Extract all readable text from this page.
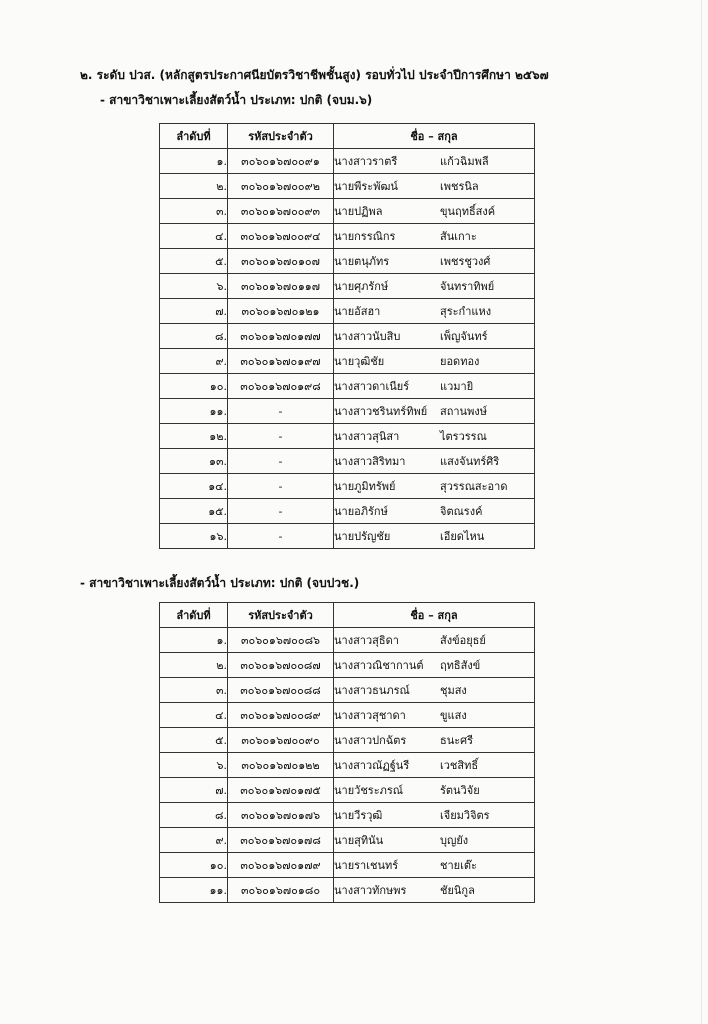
๒. ระดับ ปวส. (หลักสูตรประกาศนียบัตรวิชาชีพชั้นสูง) รอบทั่วไป ประจำปีการศึกษา ๒๕๖๗
- สาขาวิชาเพาะเลี้ยงสัตว์น้ำ ประเภท: ปกติ (จบม.๖)
ลำดับที่	รหัสประจำตัว	ชื่อ – สกุล
๑.	๓๐๖๐๑๖๗๐๐๙๑	นางสาวราตรี แก้วฉิมพลี
๒.	๓๐๖๐๑๖๗๐๐๙๒	นายพีระพัฒน์ เพชรนิล
๓.	๓๐๖๐๑๖๗๐๐๙๓	นายปฏิพล ขุนฤทธิ์สงค์
๔.	๓๐๖๐๑๖๗๐๐๙๔	นายกรรณิกร สันเกาะ
๕.	๓๐๖๐๑๖๗๐๑๐๗	นายตนุภัทร เพชรชูวงศ์
๖.	๓๐๖๐๑๖๗๐๑๑๗	นายศุภรักษ์ จันทราทิพย์
๗.	๓๐๖๐๑๖๗๐๑๒๑	นายอัสฮา สุระกำแหง
๘.	๓๐๖๐๑๖๗๐๑๗๗	นางสาวนับสิบ เพ็ญจันทร์
๙.	๓๐๖๐๑๖๗๐๑๙๗	นายวุฒิชัย ยอดทอง
๑๐.	๓๐๖๐๑๖๗๐๑๙๘	นางสาวดาเนียร์ แวมายิ
๑๑.	-	นางสาวชรินทร์ทิพย์ สถานพงษ์
๑๒.	-	นางสาวสุนิสา ไตรวรรณ
๑๓.	-	นางสาวสิริทมา แสงจันทร์ศิริ
๑๔.	-	นายภูมิทรัพย์ สุวรรณสะอาด
๑๕.	-	นายอภิรักษ์ จิตณรงค์
๑๖.	-	นายปรัญชัย เอียดไหน
- สาขาวิชาเพาะเลี้ยงสัตว์น้ำ ประเภท: ปกติ (จบปวช.)
ลำดับที่	รหัสประจำตัว	ชื่อ – สกุล
๑.	๓๐๖๐๑๖๗๐๐๘๖	นางสาวสุธิดา สังข์อยุธย์
๒.	๓๐๖๐๑๖๗๐๐๘๗	นางสาวณิชากานต์ ฤทธิสังข์
๓.	๓๐๖๐๑๖๗๐๐๘๘	นางสาวธนภรณ์ ชุมสง
๔.	๓๐๖๐๑๖๗๐๐๘๙	นางสาวสุชาดา ขูแสง
๕.	๓๐๖๐๑๖๗๐๐๙๐	นางสาวปกฉัตร ธนะศรี
๖.	๓๐๖๐๑๖๗๐๑๒๒	นางสาวณัฏฐ์นรี เวชสิทธิ์
๗.	๓๐๖๐๑๖๗๐๑๗๕	นายวัชระภรณ์ รัตนวิจัย
๘.	๓๐๖๐๑๖๗๐๑๗๖	นายวีรวุฒิ เจียมวิจิตร
๙.	๓๐๖๐๑๖๗๐๑๗๘	นายสุทินัน บุญยัง
๑๐.	๓๐๖๐๑๖๗๐๑๗๙	นายราเชนทร์ ชายเต๊ะ
๑๑.	๓๐๖๐๑๖๗๐๑๘๐	นางสาวทักษพร ชัยนิกูล
